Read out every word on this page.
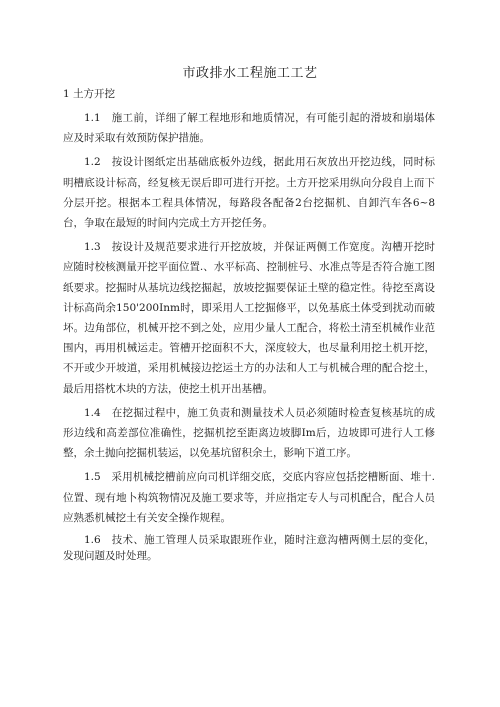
市政排水工程施工工艺
1 土方开挖

1.1　施工前，详细了解工程地形和地质情况，有可能引起的滑坡和崩塌体应及时采取有效预防保护措施。

1.2　按设计图纸定出基础底板外边线，据此用石灰放出开挖边线，同时标明槽底设计标高，经复核无误后即可进行开挖。土方开挖采用纵向分段自上而下分层开挖。根据本工程具体情况，每路段各配备2台挖掘机、自卸汽车各6~8台，争取在最短的时间内完成土方开挖任务。

1.3　按设计及规范要求进行开挖放坡，并保证两侧工作宽度。沟槽开挖时应随时校核测量开挖平面位置.、水平标高、控制桩号、水准点等是否符合施工图纸要求。挖掘时从基坑边线挖掘起，放坡挖掘要保证土壁的稳定性。待挖至离设计标高尚余150'200Inm时，即采用人工挖掘修平，以免基底土体受到扰动而破坏。边角部位，机械开挖不到之处，应用少量人工配合，将松土清至机械作业范围内，再用机械运走。管槽开挖面积不大，深度较大，也尽量利用挖土机开挖，不开或少开坡道，采用机械接边挖运土方的办法和人工与机械合理的配合挖土，最后用搭枕木块的方法，使挖土机开出基槽。

1.4　在挖掘过程中，施工负责和测量技术人员必须随时检查复核基坑的成形边线和高差部位准确性，挖掘机挖至距离边坡脚Im后，边坡即可进行人工修整，余土抛向挖掘机装运，以免基坑留积余土，影响下道工序。

1.5　采用机械挖槽前应向司机详细交底，交底内容应包括挖槽断面、堆十.位置、现有地卜构筑物情况及施工要求等，并应指定专人与司机配合，配合人员应熟悉机械挖土有关安全操作规程。

1.6　技术、施工管理人员采取跟班作业，随时注意沟槽两侧土层的变化，发现问题及时处理。
